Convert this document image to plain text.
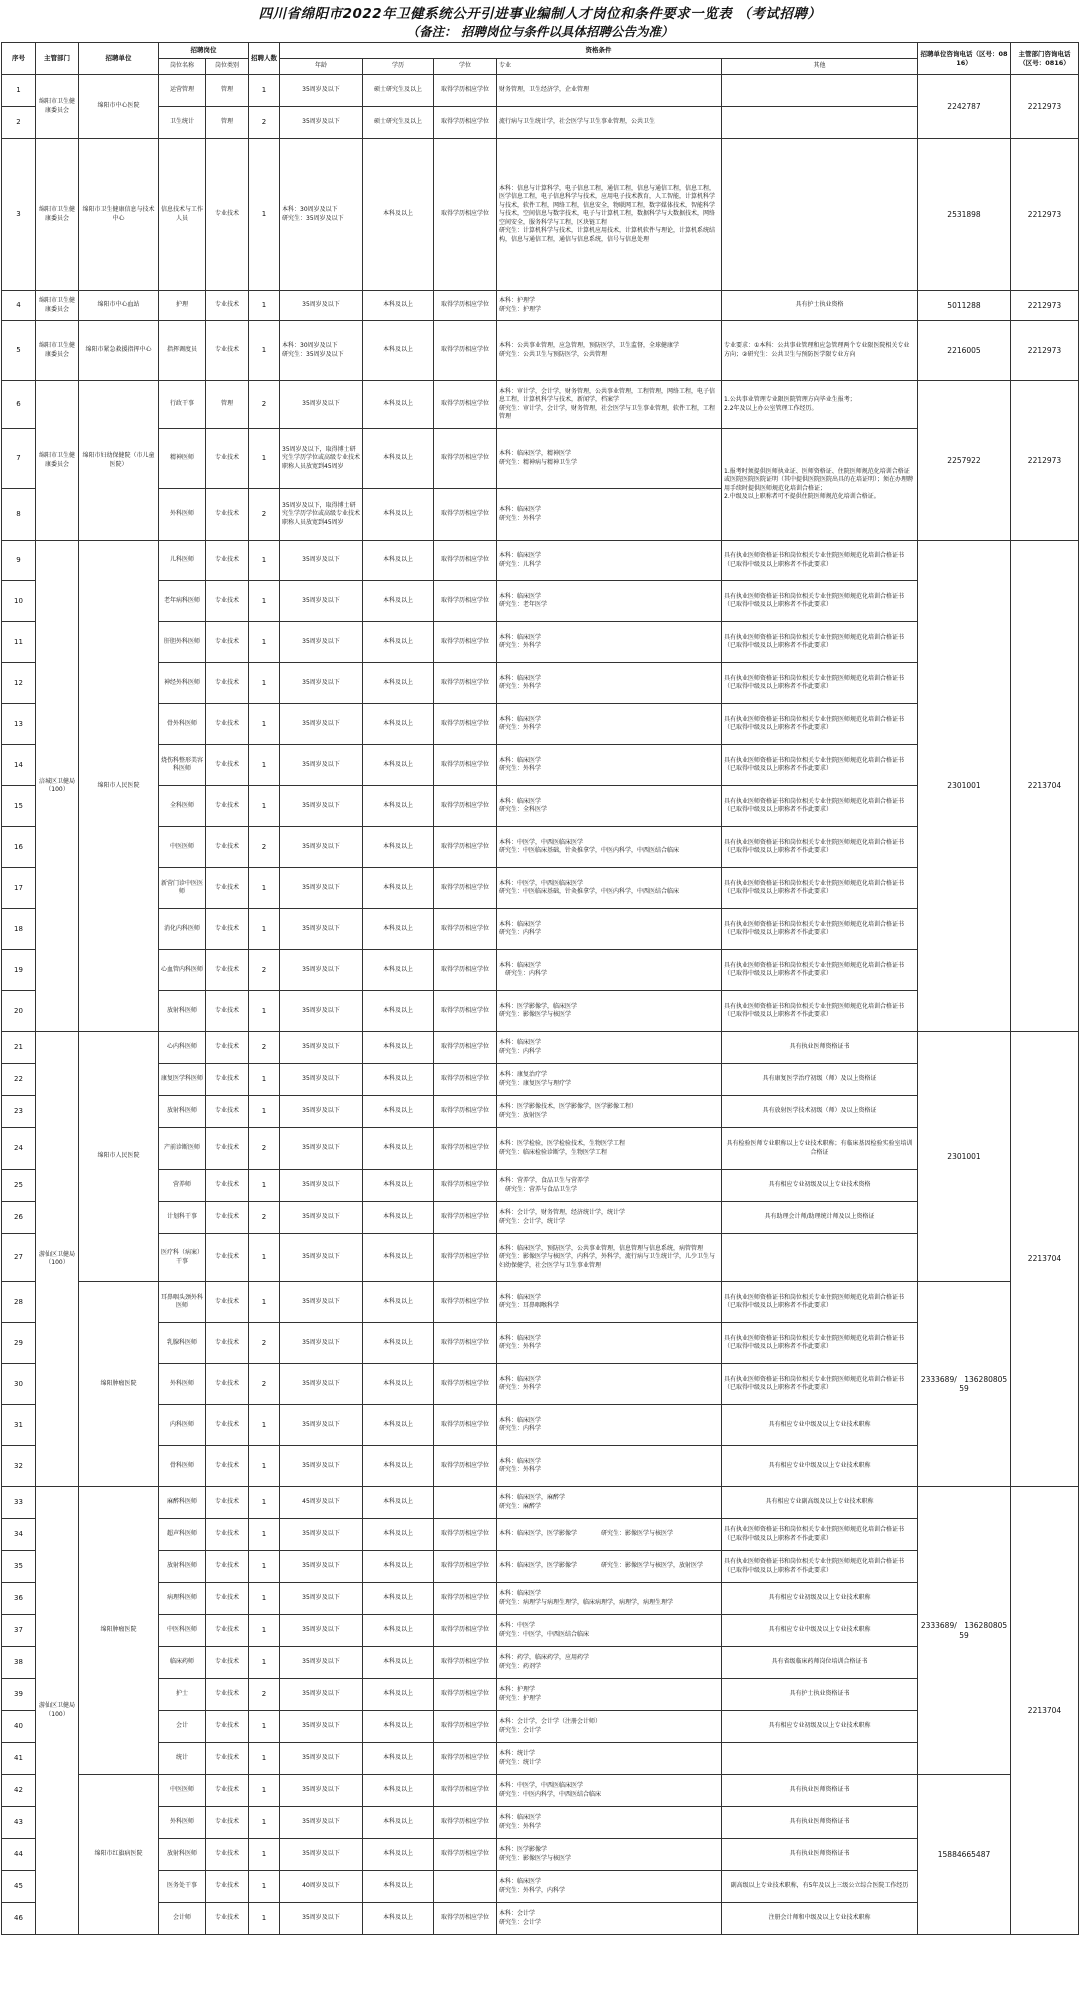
四川省绵阳市2022年卫健系统公开引进事业编制人才岗位和条件要求一览表 （考试招聘）
（备注： 招聘岗位与条件以具体招聘公告为准）
序号	主管部门	招聘单位	招聘岗位		招聘人数	资格条件					招聘单位咨询电话（区号：0816）	主管部门咨询电话（区号：0816）
			岗位名称	岗位类别		年龄	学历	学位	专业	其他		
1	绵阳市卫生健康委员会	绵阳市中心医院	运营管理	管理	1	35周岁及以下	硕士研究生及以上	取得学历相应学位	财务管理，卫生经济学，企业管理		2242787	2212973
2			卫生统计	管理	2	35周岁及以下	硕士研究生及以上	取得学历相应学位	流行病与卫生统计学，社会医学与卫生事业管理，公共卫生			
3	绵阳市卫生健康委员会	绵阳市卫生健康信息与技术中心	信息技术与工作人员	专业技术	1	本科：30周岁及以下
研究生：35周岁及以下	本科及以上	取得学历相应学位	本科：信息与计算科学，电子信息工程，通信工程，信息与通信工程，信息工程，医学信息工程，电子信息科学与技术，应用电子技术教育，人工智能，计算机科学与技术，软件工程，网络工程，信息安全，物联网工程，数字媒体技术，智能科学与技术，空间信息与数字技术，电子与计算机工程，数据科学与大数据技术，网络空间安全，服务科学与工程，区块链工程
研究生：计算机科学与技术，计算机应用技术，计算机软件与理论，计算机系统结构，信息与通信工程，通信与信息系统，信号与信息处理		2531898	2212973
4	绵阳市卫生健康委员会	绵阳市中心血站	护理	专业技术	1	35周岁及以下	本科及以上	取得学历相应学位	本科：护理学
研究生：护理学	具有护士执业资格	5011288	2212973
5	绵阳市卫生健康委员会	绵阳市紧急救援指挥中心	指挥调度员	专业技术	1	本科：30周岁及以下
研究生：35周岁及以下	本科及以上	取得学历相应学位	本科：公共事业管理，应急管理，预防医学，卫生监督，全球健康学
研究生：公共卫生与预防医学，公共管理	专业要求：①本科：公共事业管理和应急管理两个专业限医院相关专业方向；②研究生：公共卫生与预防医学限专业方向	2216005	2212973
6	绵阳市卫生健康委员会	绵阳市妇幼保健院（市儿童医院）	行政干事	管理	2	35周岁及以下	本科及以上	取得学历相应学位	本科：审计学，会计学，财务管理，公共事业管理，工程管理，网络工程，电子信息工程，计算机科学与技术，新闻学，档案学
研究生：审计学，会计学，财务管理，社会医学与卫生事业管理，软件工程，工程管理	1.公共事业管理专业限医院管理方向毕业生报考；
2.2年及以上办公室管理工作经历。	2257922	2212973
7			精神医师	专业技术	1	35周岁及以下，取得博士研究生学历学位或高级专业技术职称人员放宽到45周岁	本科及以上	取得学历相应学位	本科：临床医学，精神医学
研究生：精神病与精神卫生学	1.报考时须提供医师执业证、医师资格证、住院医师规范化培训合格证或医院医院医院证明（其中提供医院医院出具的在培证明）；须在办理聘用手续时提供医师规范化培训合格证；
2.中级及以上职称者可不提供住院医师规范化培训合格证。		
8			外科医师	专业技术	2	35周岁及以下，取得博士研究生学历学位或高级专业技术职称人员放宽到45周岁	本科及以上	取得学历相应学位	本科：临床医学
研究生：外科学			
9	涪城区卫健局（100）	绵阳市人民医院	儿科医师	专业技术	1	35周岁及以下	本科及以上	取得学历相应学位	本科：临床医学
研究生：儿科学	具有执业医师资格证书和岗位相关专业住院医师规范化培训合格证书（已取得中级及以上职称者不作此要求）	2301001	2213704
10			老年病科医师	专业技术	1	35周岁及以下	本科及以上	取得学历相应学位	本科：临床医学
研究生：老年医学	具有执业医师资格证书和岗位相关专业住院医师规范化培训合格证书（已取得中级及以上职称者不作此要求）		
11			肝胆外科医师	专业技术	1	35周岁及以下	本科及以上	取得学历相应学位	本科：临床医学
研究生：外科学	具有执业医师资格证书和岗位相关专业住院医师规范化培训合格证书（已取得中级及以上职称者不作此要求）		
12			神经外科医师	专业技术	1	35周岁及以下	本科及以上	取得学历相应学位	本科：临床医学
研究生：外科学	具有执业医师资格证书和岗位相关专业住院医师规范化培训合格证书（已取得中级及以上职称者不作此要求）		
13			骨外科医师	专业技术	1	35周岁及以下	本科及以上	取得学历相应学位	本科：临床医学
研究生：外科学	具有执业医师资格证书和岗位相关专业住院医师规范化培训合格证书（已取得中级及以上职称者不作此要求）		
14			烧伤科整形美容科医师	专业技术	1	35周岁及以下	本科及以上	取得学历相应学位	本科：临床医学
研究生：外科学	具有执业医师资格证书和岗位相关专业住院医师规范化培训合格证书（已取得中级及以上职称者不作此要求）		
15			全科医师	专业技术	1	35周岁及以下	本科及以上	取得学历相应学位	本科：临床医学
研究生：全科医学	具有执业医师资格证书和岗位相关专业住院医师规范化培训合格证书（已取得中级及以上职称者不作此要求）		
16			中医医师	专业技术	2	35周岁及以下	本科及以上	取得学历相应学位	本科：中医学，中西医临床医学
研究生：中医临床基础，针灸推拿学，中医内科学，中西医结合临床	具有执业医师资格证书和岗位相关专业住院医师规范化培训合格证书（已取得中级及以上职称者不作此要求）		
17			新营门诊中医医师	专业技术	1	35周岁及以下	本科及以上	取得学历相应学位	本科：中医学，中西医临床医学
研究生：中医临床基础，针灸推拿学，中医内科学，中西医结合临床	具有执业医师资格证书和岗位相关专业住院医师规范化培训合格证书（已取得中级及以上职称者不作此要求）		
18			消化内科医师	专业技术	1	35周岁及以下	本科及以上	取得学历相应学位	本科：临床医学
研究生：内科学	具有执业医师资格证书和岗位相关专业住院医师规范化培训合格证书（已取得中级及以上职称者不作此要求）		
19			心血管内科医师	专业技术	2	35周岁及以下	本科及以上	取得学历相应学位	本科：临床医学
　研究生：内科学	具有执业医师资格证书和岗位相关专业住院医师规范化培训合格证书（已取得中级及以上职称者不作此要求）		
20			放射科医师	专业技术	1	35周岁及以下	本科及以上	取得学历相应学位	本科：医学影像学，临床医学
研究生：影像医学与核医学	具有执业医师资格证书和岗位相关专业住院医师规范化培训合格证书（已取得中级及以上职称者不作此要求）		
21	游仙区卫健局（100）	绵阳市人民医院	心内科医师	专业技术	2	35周岁及以下	本科及以上	取得学历相应学位	本科：临床医学
研究生：内科学	具有执业医师资格证书	2301001	2213704
22			康复医学科医师	专业技术	1	35周岁及以下	本科及以上	取得学历相应学位	本科：康复治疗学
研究生：康复医学与理疗学	具有康复医学治疗初级（师）及以上资格证		
23			放射科医师	专业技术	1	35周岁及以下	本科及以上	取得学历相应学位	本科：医学影像技术，医学影像学，医学影像工程）
研究生：放射医学	具有放射医学技术初级（师）及以上资格证		
24			产前诊断医师	专业技术	2	35周岁及以下	本科及以上	取得学历相应学位	本科：医学检验，医学检验技术，生物医学工程
研究生：临床检验诊断学，生物医学工程	具有检验医师专业职称以上专业技术职称；有临床基因检验实验室培训合格证		
25			营养师	专业技术	1	35周岁及以下	本科及以上	取得学历相应学位	本科：营养学，食品卫生与营养学
　研究生：营养与食品卫生学	具有相应专业初级及以上专业技术资格		
26			计划科干事	专业技术	2	35周岁及以下	本科及以上	取得学历相应学位	本科：会计学，财务管理，经济统计学，统计学
研究生：会计学，统计学	具有助理会计师/助理统计师及以上资格证		
27			医疗科（病案）干事	专业技术	1	35周岁及以下	本科及以上	取得学历相应学位	本科：临床医学，预防医学，公共事业管理，信息管理与信息系统，病管管理　　研究生：影像医学与核医学，内科学，外科学，流行病与卫生统计学，儿少卫生与妇幼保健学，社会医学与卫生事业管理			
28		绵阳肿瘤医院	耳鼻咽头颈外科医师	专业技术	1	35周岁及以下	本科及以上	取得学历相应学位	本科：临床医学
研究生：耳鼻咽喉科学	具有执业医师资格证书和岗位相关专业住院医师规范化培训合格证书（已取得中级及以上职称者不作此要求）	2333689/　13628080559	
29			乳腺科医师	专业技术	2	35周岁及以下	本科及以上	取得学历相应学位	本科：临床医学
研究生：外科学	具有执业医师资格证书和岗位相关专业住院医师规范化培训合格证书（已取得中级及以上职称者不作此要求）		
30			外科医师	专业技术	2	35周岁及以下	本科及以上	取得学历相应学位	本科：临床医学
研究生：外科学	具有执业医师资格证书和岗位相关专业住院医师规范化培训合格证书（已取得中级及以上职称者不作此要求）		
31			内科医师	专业技术	1	35周岁及以下	本科及以上	取得学历相应学位	本科：临床医学
研究生：内科学	具有相应专业中级及以上专业技术职称		
32			骨科医师	专业技术	1	35周岁及以下	本科及以上	取得学历相应学位	本科：临床医学
研究生：外科学	具有相应专业中级及以上专业技术职称		
33	游仙区卫健局（100）	绵阳肿瘤医院	麻醉科医师	专业技术	1	45周岁及以下	本科及以上		本科：临床医学，麻醉学
研究生：麻醉学	具有相应专业副高级及以上专业技术职称	2333689/　13628080559	2213704
34			超声科医师	专业技术	1	35周岁及以下	本科及以上	取得学历相应学位	本科：临床医学，医学影像学　　　　研究生：影像医学与核医学	具有执业医师资格证书和岗位相关专业住院医师规范化培训合格证书（已取得中级及以上职称者不作此要求）		
35			放射科医师	专业技术	1	35周岁及以下	本科及以上	取得学历相应学位	本科：临床医学，医学影像学　　　　研究生：影像医学与核医学，放射医学	具有执业医师资格证书和岗位相关专业住院医师规范化培训合格证书（已取得中级及以上职称者不作此要求）		
36			病理科医师	专业技术	1	35周岁及以下	本科及以上	取得学历相应学位	本科：临床医学
研究生：病理学与病理生理学，临床病理学，病理学，病理生理学	具有相应专业初级及以上专业技术职称		
37			中医科医师	专业技术	1	35周岁及以下	本科及以上	取得学历相应学位	本科：中医学
研究生：中医学，中西医结合临床	具有相应专业中级及以上专业技术职称		
38			临床药师	专业技术	1	35周岁及以下	本科及以上	取得学历相应学位	本科：药学，临床药学，应用药学
研究生：药剂学	具有省级临床药师岗位培训合格证书		
39			护士	专业技术	2	35周岁及以下	本科及以上	取得学历相应学位	本科：护理学
研究生：护理学	具有护士执业资格证书		
40			会计	专业技术	1	35周岁及以下	本科及以上	取得学历相应学位	本科：会计学，会计学（注册会计师）
研究生：会计学	具有相应专业初级及以上专业技术职称		
41			统计	专业技术	1	35周岁及以下	本科及以上	取得学历相应学位	本科：统计学
研究生：统计学			
42		绵阳市红旗病医院	中医医师	专业技术	1	35周岁及以下	本科及以上	取得学历相应学位	本科：中医学，中西医临床医学
研究生：中医内科学，中西医结合临床	具有执业医师资格证书	15884665487	
43			外科医师	专业技术	1	35周岁及以下	本科及以上	取得学历相应学位	本科：临床医学
研究生：外科学	具有执业医师资格证书		
44			放射科医师	专业技术	1	35周岁及以下	本科及以上	取得学历相应学位	本科：医学影像学
研究生：影像医学与核医学	具有执业医师资格证书		
45			医务处干事	专业技术	1	40周岁及以下	本科及以上		本科：临床医学
研究生：外科学，内科学	副高级以上专业技术职称，有5年及以上三级公立综合医院工作经历		
46			会计师	专业技术	1	35周岁及以下	本科及以上	取得学历相应学位	本科：会计学
研究生：会计学	注册会计师和中级及以上专业技术职称		
